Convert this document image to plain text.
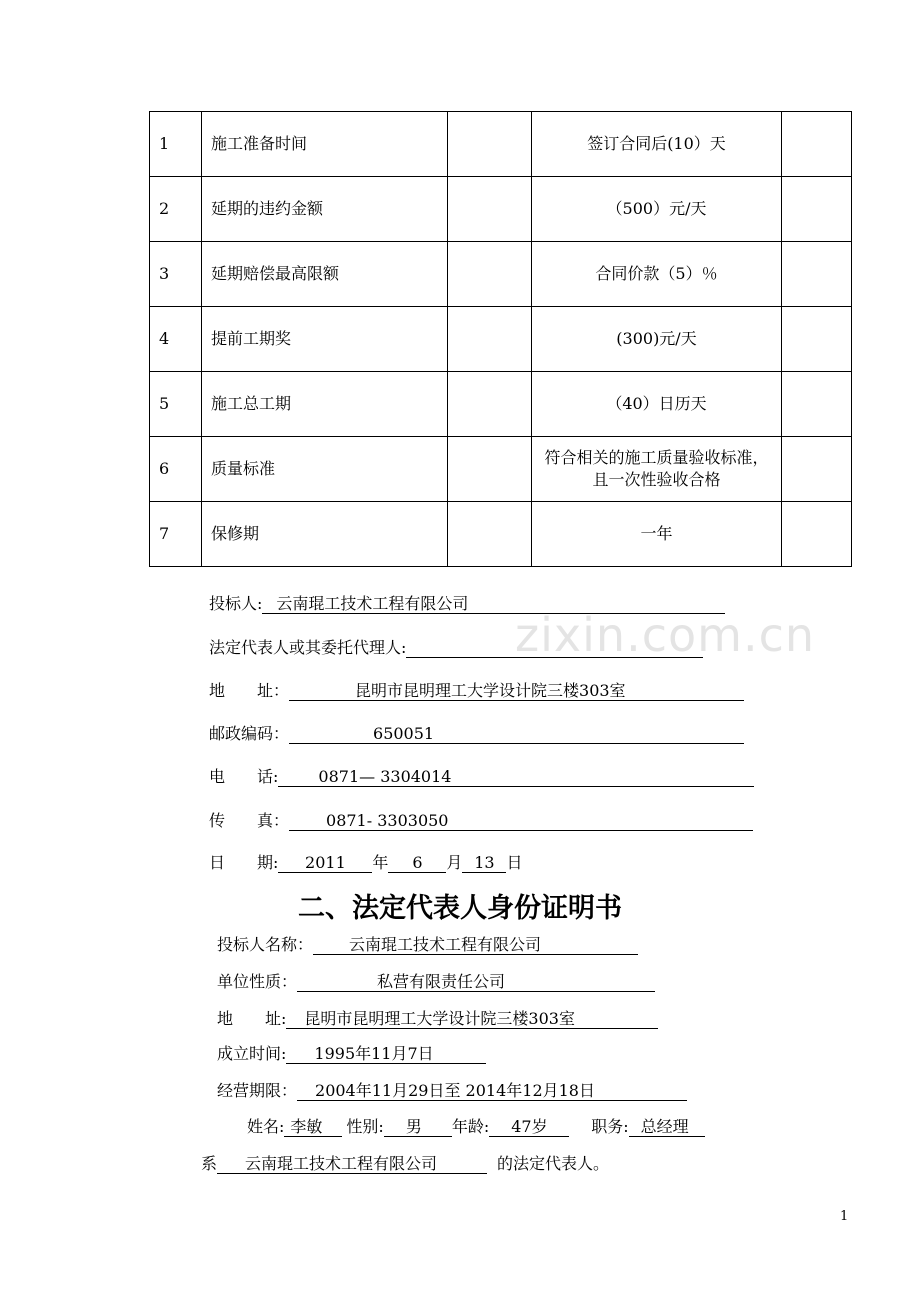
1	施工准备时间		签订合同后(10）天	
2	延期的违约金额		（500）元/天	
3	延期赔偿最高限额		合同价款（5）％	
4	提前工期奖		(300)元/天	
5	施工总工期		（40）日历天	
6	质量标准		符合相关的施工质量验收标准，且一次性验收合格	
7	保修期		一年	
zixin.com.cn
投标人: 云南琨工技术工程有限公司
法定代表人或其委托代理人:
地　　址：	昆明市昆明理工大学设计院三楼303室
邮政编码：	650051
电　　话:	0871— 3304014
传　　真： 0871- 3303050
日　　期: 2011 年 6 月 13 日
二、法定代表人身份证明书
投标人名称： 云南琨工技术工程有限公司
单位性质：	私营有限责任公司
地　　址: 昆明市昆明理工大学设计院三楼303室
成立时间: 1995年11月7日
经营期限： 2004年11月29日至 2014年12月18日
姓名: 李敏 性别: 男 年龄: 47岁	职务: 总经理
系 云南琨工技术工程有限公司	的法定代表人。
1
